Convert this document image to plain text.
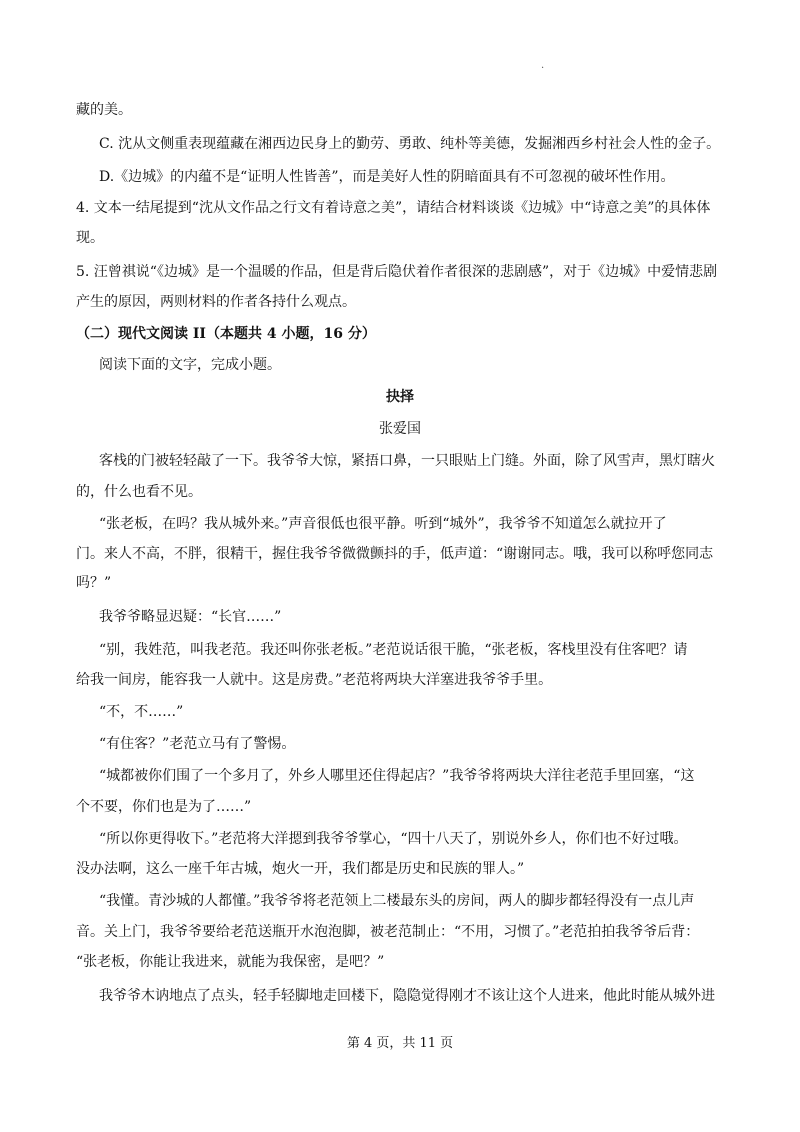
.
藏的美。
C. 沈从文侧重表现蕴藏在湘西边民身上的勤劳、勇敢、纯朴等美德，发掘湘西乡村社会人性的金子。
D.《边城》的内蕴不是“证明人性皆善”，而是美好人性的阴暗面具有不可忽视的破坏性作用。
4. 文本一结尾提到“沈从文作品之行文有着诗意之美”，请结合材料谈谈《边城》中“诗意之美”的具体体
现。
5. 汪曾祺说“《边城》是一个温暖的作品，但是背后隐伏着作者很深的悲剧感”，对于《边城》中爱情悲剧
产生的原因，两则材料的作者各持什么观点。
（二）现代文阅读 II（本题共 4 小题，16 分）
阅读下面的文字，完成小题。
抉择
张爱国
客栈的门被轻轻敲了一下。我爷爷大惊，紧捂口鼻，一只眼贴上门缝。外面，除了风雪声，黑灯瞎火
的，什么也看不见。
“张老板，在吗？我从城外来。”声音很低也很平静。听到“城外”，我爷爷不知道怎么就拉开了
门。来人不高，不胖，很精干，握住我爷爷微微颤抖的手，低声道：“谢谢同志。哦，我可以称呼您同志
吗？”
我爷爷略显迟疑：“长官……”
“别，我姓范，叫我老范。我还叫你张老板。”老范说话很干脆，“张老板，客栈里没有住客吧？请
给我一间房，能容我一人就中。这是房费。”老范将两块大洋塞进我爷爷手里。
“不，不……”
“有住客？”老范立马有了警惕。
“城都被你们围了一个多月了，外乡人哪里还住得起店？”我爷爷将两块大洋往老范手里回塞，“这
个不要，你们也是为了……”
“所以你更得收下。”老范将大洋摁到我爷爷掌心，“四十八天了，别说外乡人，你们也不好过哦。
没办法啊，这么一座千年古城，炮火一开，我们都是历史和民族的罪人。”
“我懂。青沙城的人都懂。”我爷爷将老范领上二楼最东头的房间，两人的脚步都轻得没有一点儿声
音。关上门，我爷爷要给老范送瓶开水泡泡脚，被老范制止：“不用，习惯了。”老范拍拍我爷爷后背：
“张老板，你能让我进来，就能为我保密，是吧？”
我爷爷木讷地点了点头，轻手轻脚地走回楼下，隐隐觉得刚才不该让这个人进来，他此时能从城外进
第 4 页，共 11 页
